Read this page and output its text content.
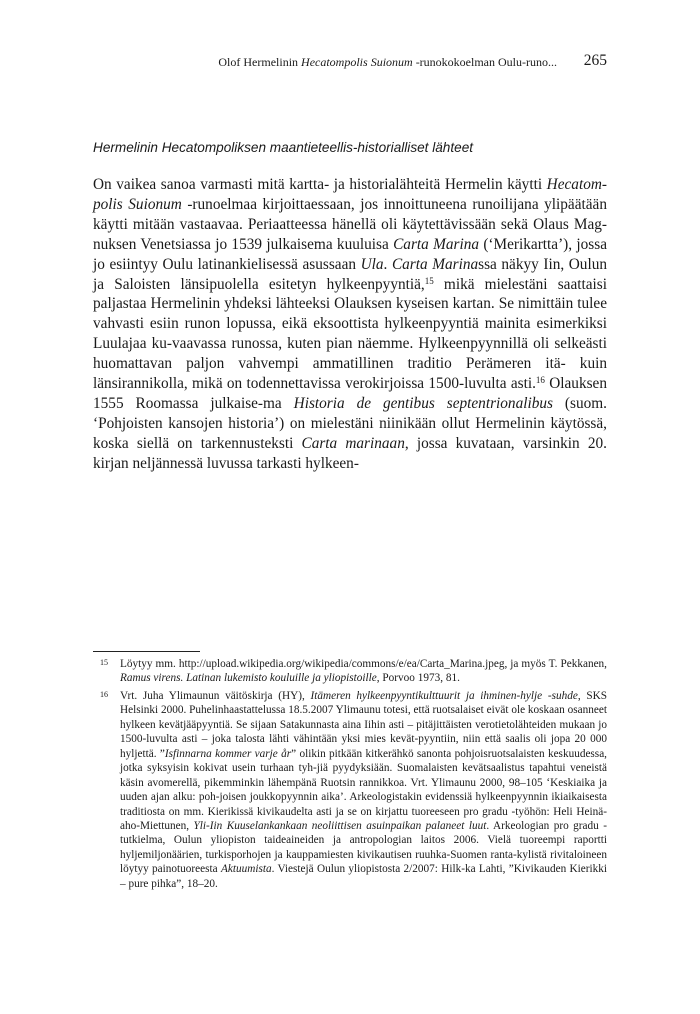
Olof Hermelinin Hecatompolis Suionum -runokokoelman Oulu-runo... 265
Hermelinin Hecatompoliksen maantieteellis-historialliset lähteet

On vaikea sanoa varmasti mitä kartta- ja historialähteitä Hermelin käytti Hecatom-polis Suionum -runoelmaa kirjoittaessaan, jos innoittuneena runoilijana ylipäätään käytti mitään vastaavaa. Periaatteessa hänellä oli käytettävissään sekä Olaus Mag-nuksen Venetsiassa jo 1539 julkaisema kuuluisa Carta Marina (‘Merikartta’), jossa jo esiintyy Oulu latinankielisessä asussaan Ula. Carta Marinassa näkyy Iin, Oulun ja Saloisten länsipuolella esitetyn hylkeenpyyntiä,$^{15}$ mikä mielestäni saattaisi paljastaa Hermelinin yhdeksi lähteeksi Olauksen kyseisen kartan. Se nimittäin tulee vahvasti esiin runon lopussa, eikä eksoottista hylkeenpyyntiä mainita esimerkiksi Luulajaa ku-vaavassa runossa, kuten pian näemme. Hylkeenpyynnillä oli selkeästi huomattavan paljon vahvempi ammatillinen traditio Perämeren itä- kuin länsirannikolla, mikä on todennettavissa verokirjoissa 1500-luvulta asti.$^{16}$ Olauksen 1555 Roomassa julkaise-ma Historia de gentibus septentrionalibus (suom. ‘Pohjoisten kansojen historia’) on mielestäni niinikään ollut Hermelinin käytössä, koska siellä on tarkennusteksti Carta marinaan, jossa kuvataan, varsinkin 20. kirjan neljännessä luvussa tarkasti hylkeen-

15 Löytyy mm. http://upload.wikipedia.org/wikipedia/commons/e/ea/Carta_Marina.jpeg, ja myös T. Pekkanen, Ramus virens. Latinan lukemisto kouluille ja yliopistoille, Porvoo 1973, 81.
16 Vrt. Juha Ylimaunun väitöskirja (HY), Itämeren hylkeenpyyntikulttuurit ja ihminen-hylje -suhde, SKS Helsinki 2000. Puhelinhaastattelussa 18.5.2007 Ylimaunu totesi, että ruotsalaiset eivät ole koskaan osanneet hylkeen kevätjääpyyntiä. Se sijaan Satakunnasta aina Iihin asti – pitäjittäisten verotietolähteiden mukaan jo 1500-luvulta asti – joka talosta lähti vähintään yksi mies kevät-pyyntiin, niin että saalis oli jopa 20 000 hyljettä. ”Isfinnarna kommer varje år” olikin pitkään kitkerähkö sanonta pohjoisruotsalaisten keskuudessa, jotka syksyisin kokivat usein turhaan tyh-jiä pyydyksiään. Suomalaisten kevätsaalistus tapahtui veneistä käsin avomerellä, pikemminkin lähempänä Ruotsin rannikkoa. Vrt. Ylimaunu 2000, 98–105 ‘Keskiaika ja uuden ajan alku: poh-joisen joukkopyynnin aika’. Arkeologistakin evidenssiä hylkeenpyynnin ikiaikaisesta traditiosta on mm. Kierikissä kivikaudelta asti ja se on kirjattu tuoreeseen pro gradu -työhön: Heli Heinä-aho-Miettunen, Yli-Iin Kuuselankankaan neoliittisen asuinpaikan palaneet luut. Arkeologian pro gradu -tutkielma, Oulun yliopiston taideaineiden ja antropologian laitos 2006. Vielä tuoreempi raportti hyljemiljonäärien, turkisporhojen ja kauppamiesten kivikautisen ruuhka-Suomen ranta-kylistä rivitaloineen löytyy painotuoreesta Aktuumista. Viestejä Oulun yliopistosta 2/2007: Hilk-ka Lahti, ”Kivikauden Kierikki – pure pihka”, 18–20.
